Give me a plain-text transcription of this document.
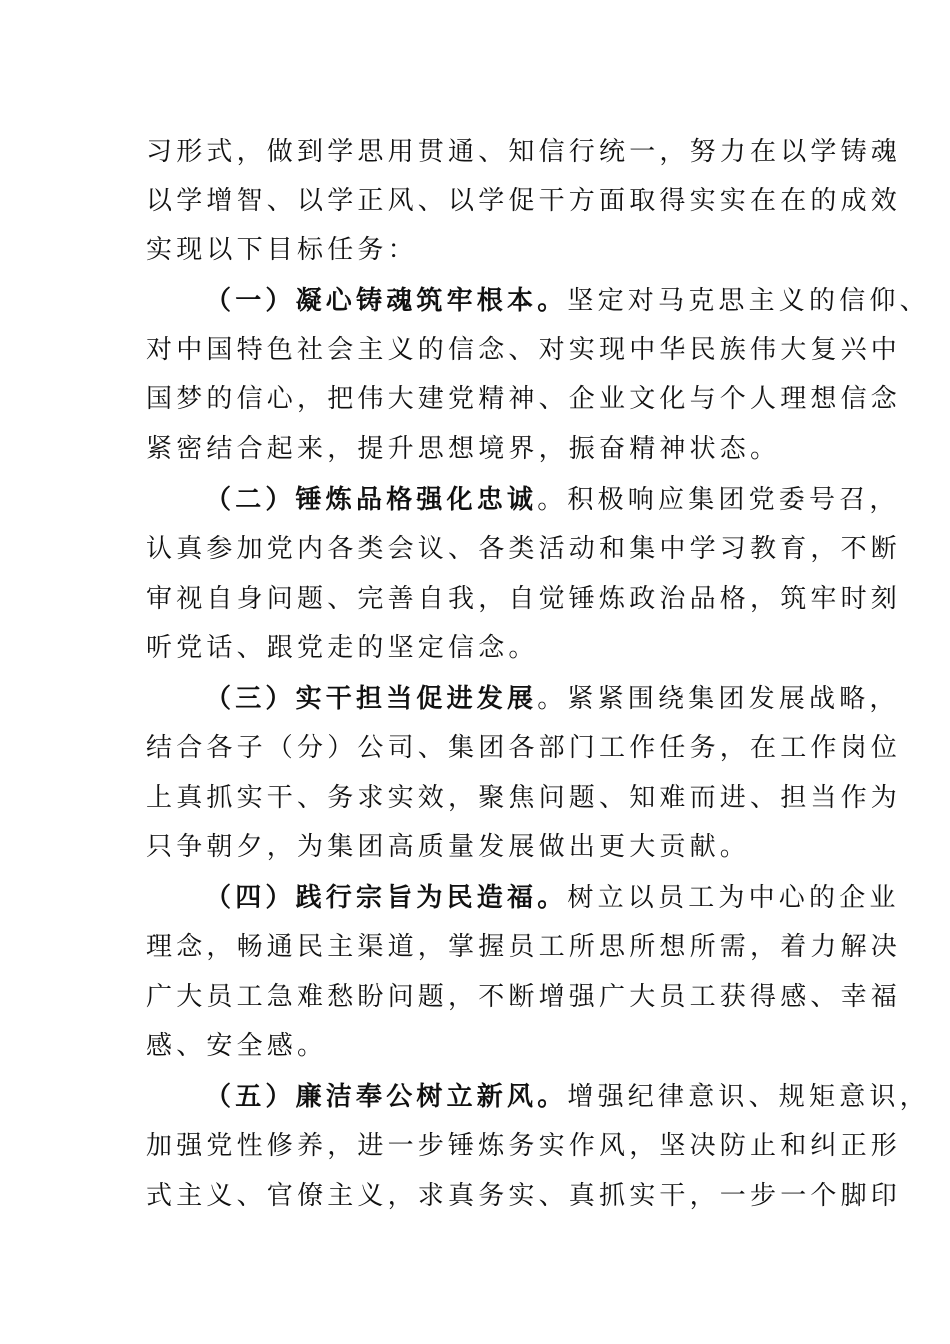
习形式，做到学思用贯通、知信行统一，努力在以学铸魂
以学增智、以学正风、以学促干方面取得实实在在的成效
实现以下目标任务：
（一）凝心铸魂筑牢根本。坚定对马克思主义的信仰、
对中国特色社会主义的信念、对实现中华民族伟大复兴中
国梦的信心，把伟大建党精神、企业文化与个人理想信念
紧密结合起来，提升思想境界，振奋精神状态。
（二）锤炼品格强化忠诚。积极响应集团党委号召，
认真参加党内各类会议、各类活动和集中学习教育，不断
审视自身问题、完善自我，自觉锤炼政治品格，筑牢时刻
听党话、跟党走的坚定信念。
（三）实干担当促进发展。紧紧围绕集团发展战略，
结合各子（分）公司、集团各部门工作任务，在工作岗位
上真抓实干、务求实效，聚焦问题、知难而进、担当作为
只争朝夕，为集团高质量发展做出更大贡献。
（四）践行宗旨为民造福。树立以员工为中心的企业
理念，畅通民主渠道，掌握员工所思所想所需，着力解决
广大员工急难愁盼问题，不断增强广大员工获得感、幸福
感、安全感。
（五）廉洁奉公树立新风。增强纪律意识、规矩意识，
加强党性修养，进一步锤炼务实作风，坚决防止和纠正形
式主义、官僚主义，求真务实、真抓实干，一步一个脚印
